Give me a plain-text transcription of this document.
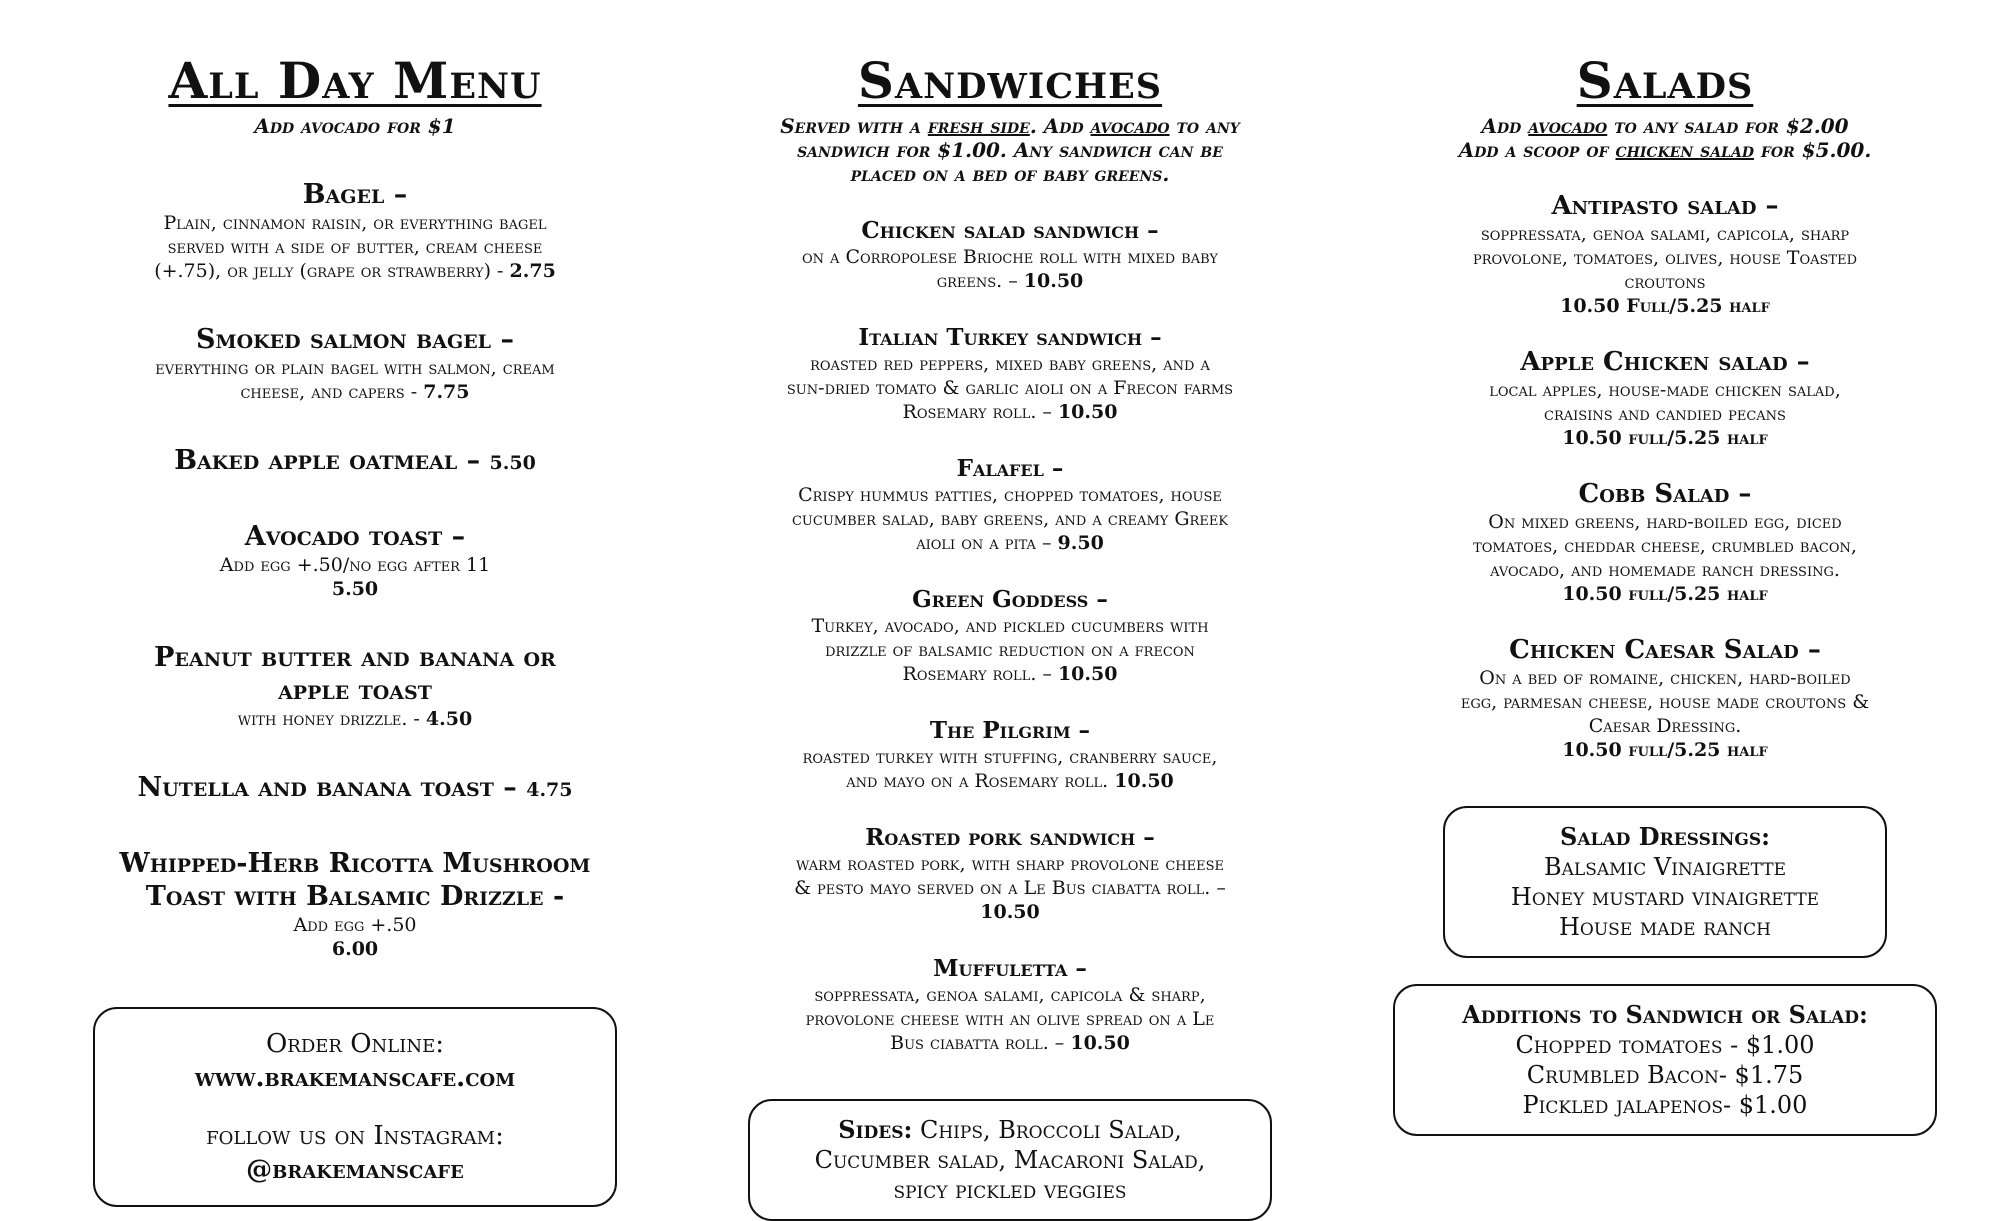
All Day Menu
Add avocado for $1
Bagel –
Plain, cinnamon raisin, or everything bagel
served with a side of butter, cream cheese
(+.75), or jelly (grape or strawberry) - 2.75
Smoked salmon bagel –
everything or plain bagel with salmon, cream
cheese, and capers - 7.75
Baked apple oatmeal – 5.50
Avocado toast –
Add egg +.50/no egg after 11
5.50
Peanut butter and banana or
apple toast
with honey drizzle. - 4.50
Nutella and banana toast – 4.75
Whipped-Herb Ricotta Mushroom
Toast with Balsamic Drizzle -
Add egg +.50
6.00
Order Online:
www.brakemanscafe.com
follow us on Instagram:
@brakemanscafe
Sandwiches
Served with a fresh side. Add avocado to any
sandwich for $1.00. Any sandwich can be
placed on a bed of baby greens.
Chicken salad sandwich –
on a Corropolese Brioche roll with mixed baby
greens. – 10.50
Italian Turkey sandwich –
roasted red peppers, mixed baby greens, and a
sun-dried tomato & garlic aioli on a Frecon farms
Rosemary roll. – 10.50
Falafel –
Crispy hummus patties, chopped tomatoes, house
cucumber salad, baby greens, and a creamy Greek
aioli on a pita – 9.50
Green Goddess –
Turkey, avocado, and pickled cucumbers with
drizzle of balsamic reduction on a frecon
Rosemary roll. – 10.50
The Pilgrim –
roasted turkey with stuffing, cranberry sauce,
and mayo on a Rosemary roll. 10.50
Roasted pork sandwich –
warm roasted pork, with sharp provolone cheese
& pesto mayo served on a Le Bus ciabatta roll. –
10.50
Muffuletta –
soppressata, genoa salami, capicola & sharp,
provolone cheese with an olive spread on a Le
Bus ciabatta roll. – 10.50
Sides: Chips, Broccoli Salad,
Cucumber salad, Macaroni Salad,
spicy pickled veggies
Salads
Add avocado to any salad for $2.00
Add a scoop of chicken salad for $5.00.
Antipasto salad –
soppressata, genoa salami, capicola, sharp
provolone, tomatoes, olives, house Toasted
croutons
10.50 Full/5.25 half
Apple Chicken salad –
local apples, house-made chicken salad,
craisins and candied pecans
10.50 full/5.25 half
Cobb Salad –
On mixed greens, hard-boiled egg, diced
tomatoes, cheddar cheese, crumbled bacon,
avocado, and homemade ranch dressing.
10.50 full/5.25 half
Chicken Caesar Salad –
On a bed of romaine, chicken, hard-boiled
egg, parmesan cheese, house made croutons &
Caesar Dressing.
10.50 full/5.25 half
Salad Dressings:
Balsamic Vinaigrette
Honey mustard vinaigrette
House made ranch
Additions to Sandwich or Salad:
Chopped tomatoes - $1.00
Crumbled Bacon- $1.75
Pickled jalapenos- $1.00
